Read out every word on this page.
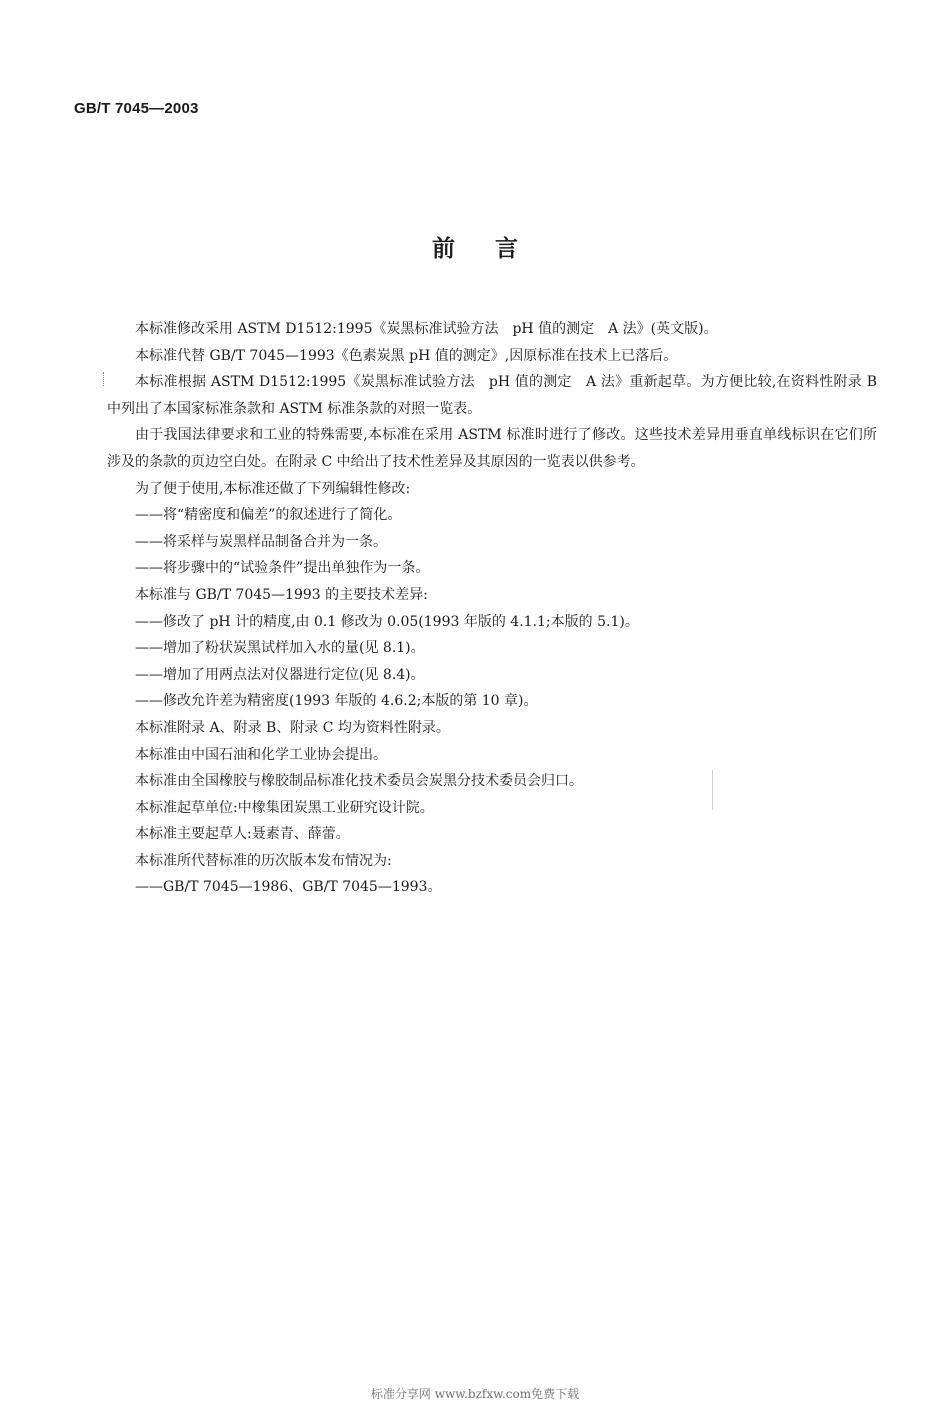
GB/T 7045—2003
前言

本标准修改采用 ASTM D1512:1995《炭黑标准试验方法　pH 值的测定　A 法》(英文版)。

本标准代替 GB/T 7045—1993《色素炭黑 pH 值的测定》,因原标准在技术上已落后。

本标准根据 ASTM D1512:1995《炭黑标准试验方法　pH 值的测定　A 法》重新起草。为方便比较,在资料性附录 B 中列出了本国家标准条款和 ASTM 标准条款的对照一览表。

由于我国法律要求和工业的特殊需要,本标准在采用 ASTM 标准时进行了修改。这些技术差异用垂直单线标识在它们所涉及的条款的页边空白处。在附录 C 中给出了技术性差异及其原因的一览表以供参考。

为了便于使用,本标准还做了下列编辑性修改:

——将“精密度和偏差”的叙述进行了简化。

——将采样与炭黑样品制备合并为一条。

——将步骤中的“试验条件”提出单独作为一条。

本标准与 GB/T 7045—1993 的主要技术差异:

——修改了 pH 计的精度,由 0.1 修改为 0.05(1993 年版的 4.1.1;本版的 5.1)。

——增加了粉状炭黑试样加入水的量(见 8.1)。

——增加了用两点法对仪器进行定位(见 8.4)。

——修改允许差为精密度(1993 年版的 4.6.2;本版的第 10 章)。

本标准附录 A、附录 B、附录 C 均为资料性附录。

本标准由中国石油和化学工业协会提出。

本标准由全国橡胶与橡胶制品标准化技术委员会炭黑分技术委员会归口。

本标准起草单位:中橡集团炭黑工业研究设计院。

本标准主要起草人:聂素青、薛蕾。

本标准所代替标准的历次版本发布情况为:

——GB/T 7045—1986、GB/T 7045—1993。

标准分享网 www.bzfxw.com免费下载
